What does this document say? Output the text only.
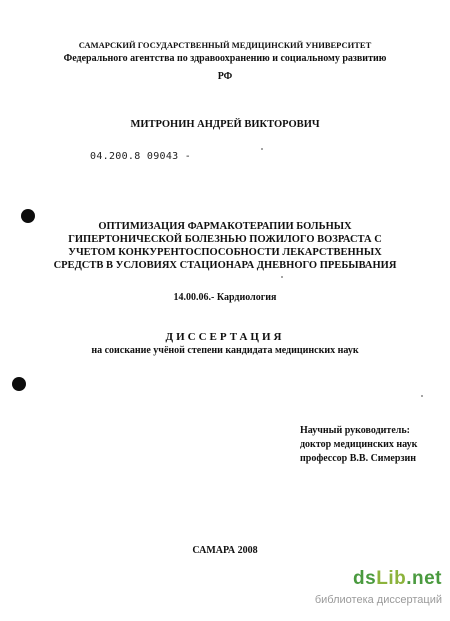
САМАРСКИЙ ГОСУДАРСТВЕННЫЙ МЕДИЦИНСКИЙ УНИВЕРСИТЕТ
Федерального агентства по здравоохранению и социальному развитию
РФ
МИТРОНИН АНДРЕЙ ВИКТОРОВИЧ
04.200.8 09043 -
ОПТИМИЗАЦИЯ ФАРМАКОТЕРАПИИ БОЛЬНЫХ
ГИПЕРТОНИЧЕСКОЙ БОЛЕЗНЬЮ ПОЖИЛОГО ВОЗРАСТА С
УЧЕТОМ КОНКУРЕНТОСПОСОБНОСТИ ЛЕКАРСТВЕННЫХ
СРЕДСТВ В УСЛОВИЯХ СТАЦИОНАРА ДНЕВНОГО ПРЕБЫВАНИЯ
14.00.06.- Кардиология
ДИССЕРТАЦИЯ
на соискание учёной степени кандидата медицинских наук
Научный руководитель:
доктор медицинских наук
профессор В.В. Симерзин
САМАРА 2008
dsLib.net
библиотека диссертаций
